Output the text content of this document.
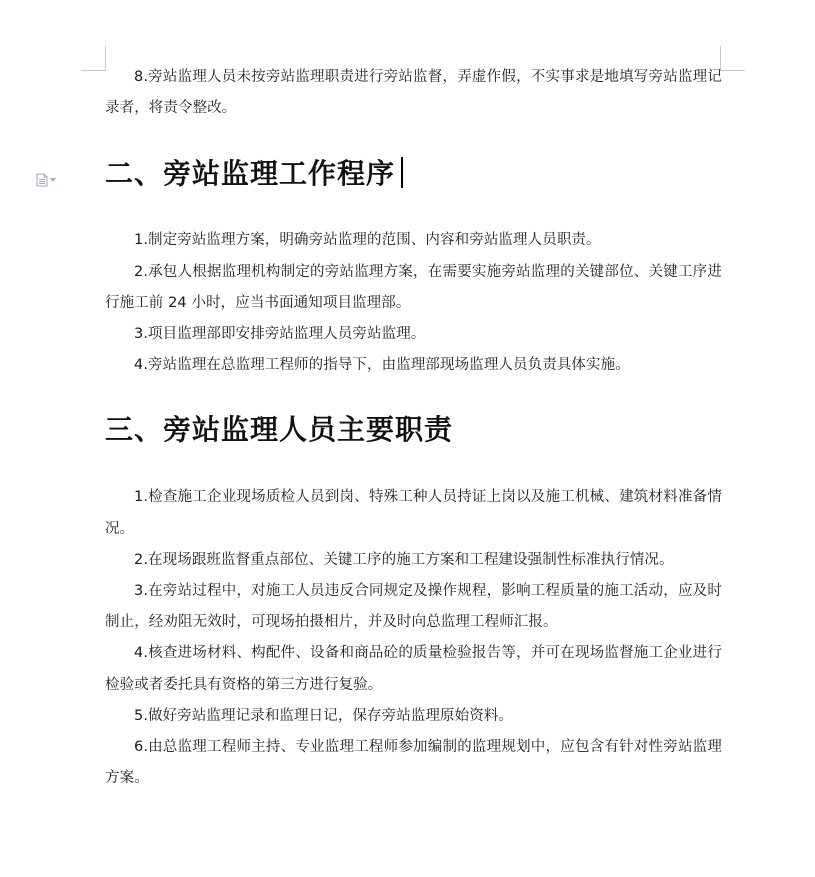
8.旁站监理人员未按旁站监理职责进行旁站监督，弄虚作假，不实事求是地填写旁站监理记录者，将责令整改。

二、旁站监理工作程序

1.制定旁站监理方案，明确旁站监理的范围、内容和旁站监理人员职责。

2.承包人根据监理机构制定的旁站监理方案，在需要实施旁站监理的关键部位、关键工序进行施工前 24 小时，应当书面通知项目监理部。

3.项目监理部即安排旁站监理人员旁站监理。

4.旁站监理在总监理工程师的指导下，由监理部现场监理人员负责具体实施。

三、旁站监理人员主要职责

1.检查施工企业现场质检人员到岗、特殊工种人员持证上岗以及施工机械、建筑材料准备情况。

2.在现场跟班监督重点部位、关键工序的施工方案和工程建设强制性标准执行情况。

3.在旁站过程中，对施工人员违反合同规定及操作规程，影响工程质量的施工活动，应及时制止，经劝阻无效时，可现场拍摄相片，并及时向总监理工程师汇报。

4.核查进场材料、构配件、设备和商品砼的质量检验报告等，并可在现场监督施工企业进行检验或者委托具有资格的第三方进行复验。

5.做好旁站监理记录和监理日记，保存旁站监理原始资料。

6.由总监理工程师主持、专业监理工程师参加编制的监理规划中，应包含有针对性旁站监理方案。
